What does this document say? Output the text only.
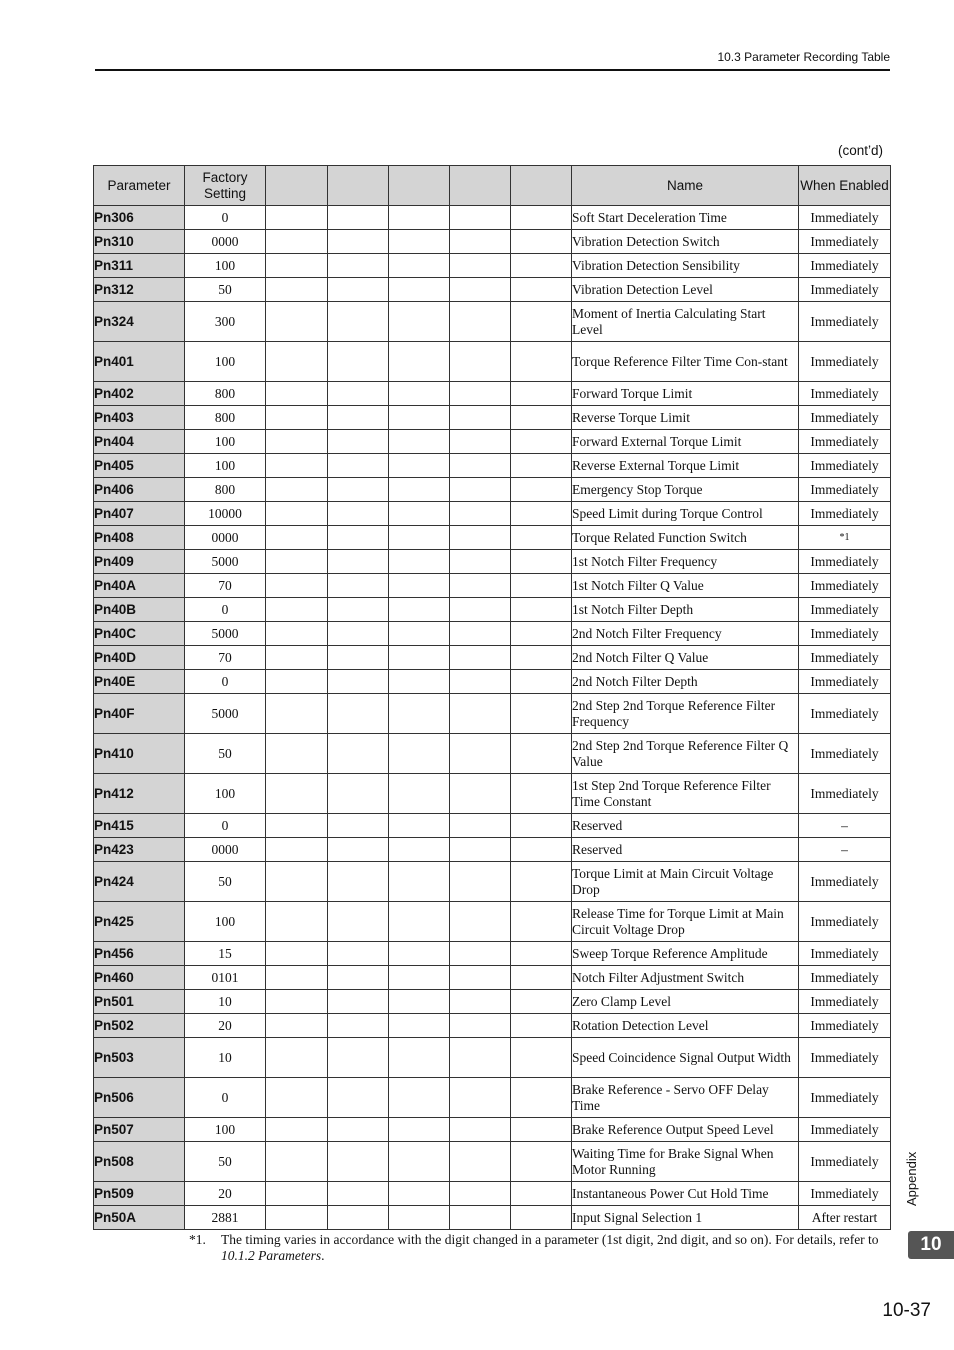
10.3 Parameter Recording Table
(cont’d)
Parameter	Factory Setting						Name	When Enabled
Pn306	0						Soft Start Deceleration Time	Immediately
Pn310	0000						Vibration Detection Switch	Immediately
Pn311	100						Vibration Detection Sensibility	Immediately
Pn312	50						Vibration Detection Level	Immediately
Pn324	300						Moment of Inertia Calculating Start Level	Immediately
Pn401	100						Torque Reference Filter Time Con-stant	Immediately
Pn402	800						Forward Torque Limit	Immediately
Pn403	800						Reverse Torque Limit	Immediately
Pn404	100						Forward External Torque Limit	Immediately
Pn405	100						Reverse External Torque Limit	Immediately
Pn406	800						Emergency Stop Torque	Immediately
Pn407	10000						Speed Limit during Torque Control	Immediately
Pn408	0000						Torque Related Function Switch	*1
Pn409	5000						1st Notch Filter Frequency	Immediately
Pn40A	70						1st Notch Filter Q Value	Immediately
Pn40B	0						1st Notch Filter Depth	Immediately
Pn40C	5000						2nd Notch Filter Frequency	Immediately
Pn40D	70						2nd Notch Filter Q Value	Immediately
Pn40E	0						2nd Notch Filter Depth	Immediately
Pn40F	5000						2nd Step 2nd Torque Reference Filter Frequency	Immediately
Pn410	50						2nd Step 2nd Torque Reference Filter Q Value	Immediately
Pn412	100						1st Step 2nd Torque Reference Filter Time Constant	Immediately
Pn415	0						Reserved	–
Pn423	0000						Reserved	–
Pn424	50						Torque Limit at Main Circuit Voltage Drop	Immediately
Pn425	100						Release Time for Torque Limit at Main Circuit Voltage Drop	Immediately
Pn456	15						Sweep Torque Reference Amplitude	Immediately
Pn460	0101						Notch Filter Adjustment Switch	Immediately
Pn501	10						Zero Clamp Level	Immediately
Pn502	20						Rotation Detection Level	Immediately
Pn503	10						Speed Coincidence Signal Output Width	Immediately
Pn506	0						Brake Reference - Servo OFF Delay Time	Immediately
Pn507	100						Brake Reference Output Speed Level	Immediately
Pn508	50						Waiting Time for Brake Signal When Motor Running	Immediately
Pn509	20						Instantaneous Power Cut Hold Time	Immediately
Pn50A	2881						Input Signal Selection 1	After restart
*1. The timing varies in accordance with the digit changed in a parameter (1st digit, 2nd digit, and so on). For details, refer to 10.1.2 Parameters.
Appendix
10
10-37
